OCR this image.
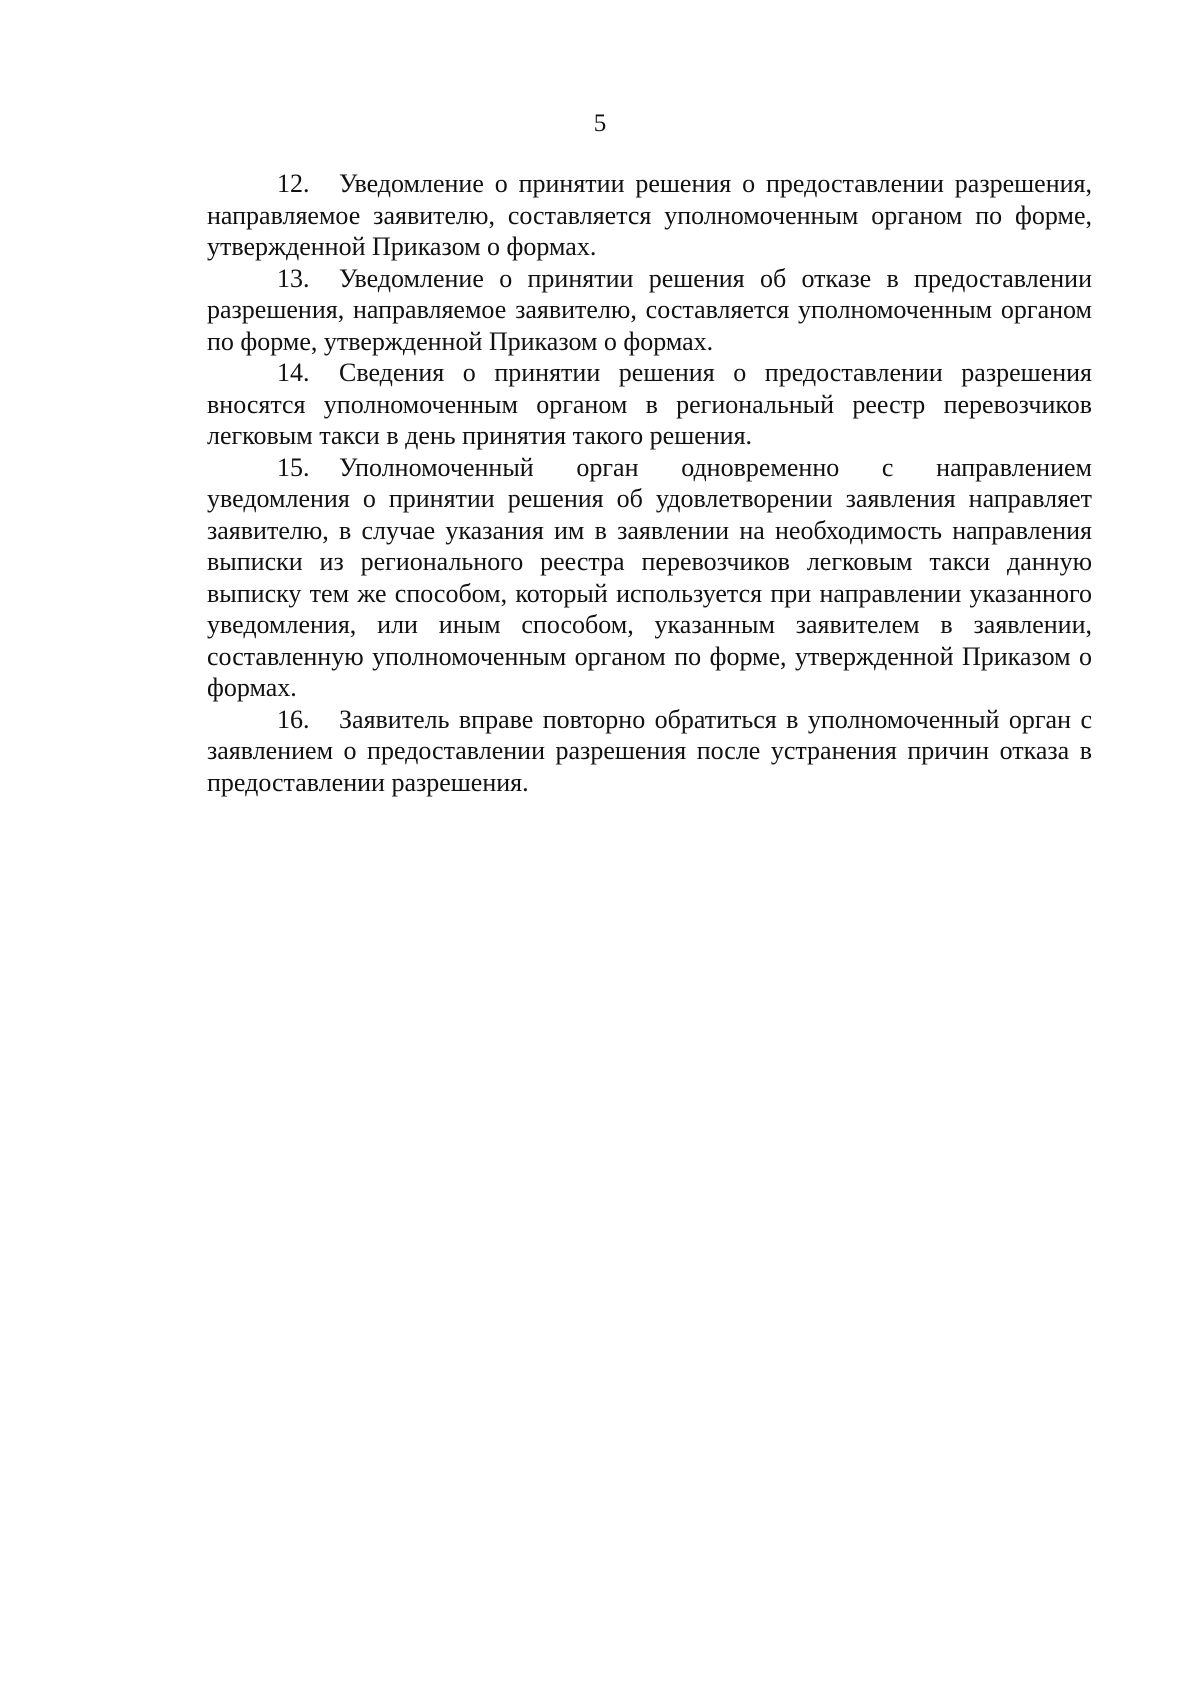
5

12. Уведомление о принятии решения о предоставлении разрешения, направляемое заявителю, составляется уполномоченным органом по форме, утвержденной Приказом о формах.

13. Уведомление о принятии решения об отказе в предоставлении разрешения, направляемое заявителю, составляется уполномоченным органом по форме, утвержденной Приказом о формах.

14. Сведения о принятии решения о предоставлении разрешения вносятся уполномоченным органом в региональный реестр перевозчиков легковым такси в день принятия такого решения.

15. Уполномоченный орган одновременно с направлением уведомления о принятии решения об удовлетворении заявления направляет заявителю, в случае указания им в заявлении на необходимость направления выписки из регионального реестра перевозчиков легковым такси данную выписку тем же способом, который используется при направлении указанного уведомления, или иным способом, указанным заявителем в заявлении, составленную уполномоченным органом по форме, утвержденной Приказом о формах.

16. Заявитель вправе повторно обратиться в уполномоченный орган с заявлением о предоставлении разрешения после устранения причин отказа в предоставлении разрешения.
